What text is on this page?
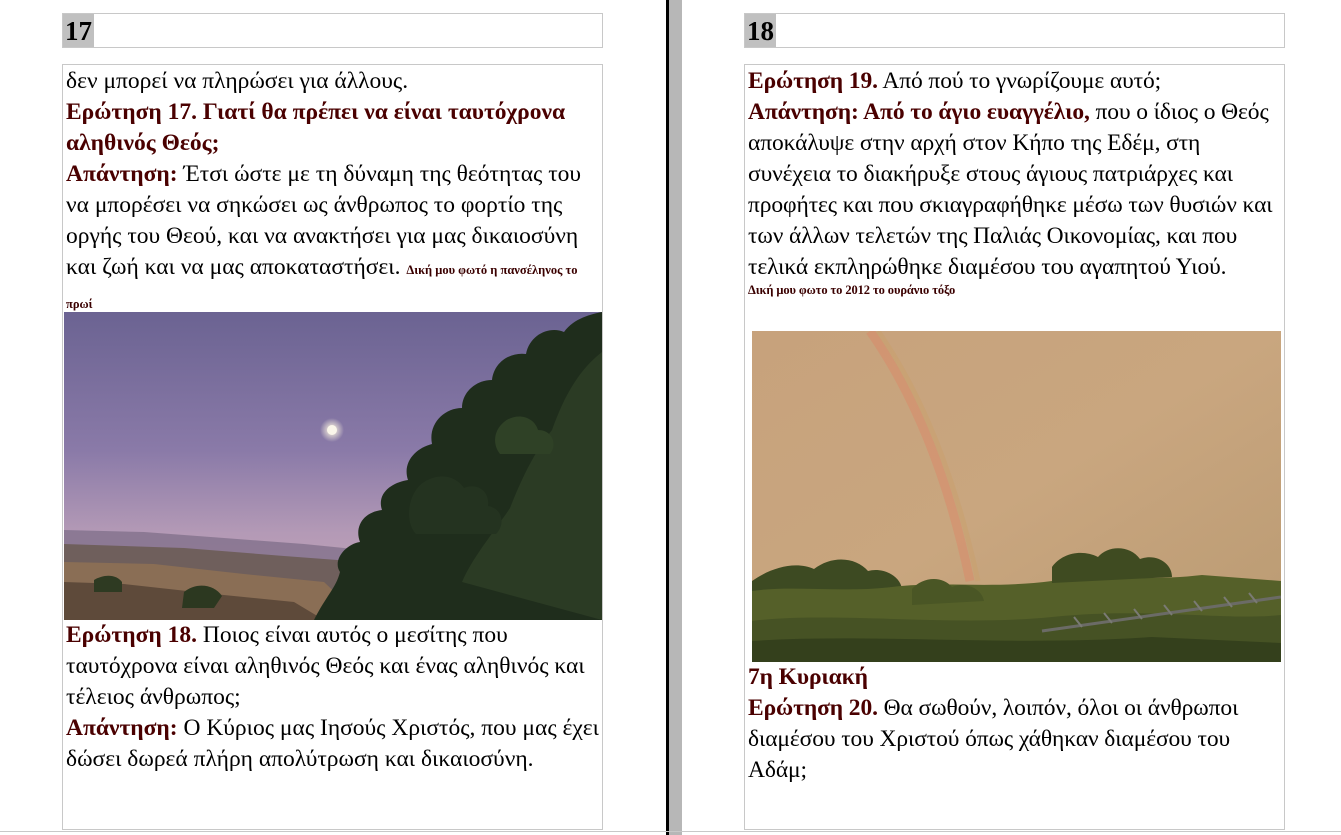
17
δεν μπορεί να πληρώσει για άλλους.
Ερώτηση 17. Γιατί θα πρέπει να είναι ταυτόχρονα αληθινός Θεός;
Απάντηση: Έτσι ώστε με τη δύναμη της θεότητας του να μπορέσει να σηκώσει ως άνθρωπος το φορτίο της οργής του Θεού, και να ανακτήσει για μας δικαιοσύνη και ζωή και να μας αποκαταστήσει. Δική μου φωτό η πανσέληνος το πρωί
Ερώτηση 18. Ποιος είναι αυτός ο μεσίτης που ταυτόχρονα είναι αληθινός Θεός και ένας αληθινός και τέλειος άνθρωπος;
Απάντηση: Ο Κύριος μας Ιησούς Χριστός, που μας έχει δώσει δωρεά πλήρη απολύτρωση και δικαιοσύνη.
18
Ερώτηση 19. Από πού το γνωρίζουμε αυτό;
Απάντηση: Από το άγιο ευαγγέλιο, που ο ίδιος ο Θεός αποκάλυψε στην αρχή στον Κήπο της Εδέμ, στη συνέχεια το διακήρυξε στους άγιους πατριάρχες και προφήτες και που σκιαγραφήθηκε μέσω των θυσιών και των άλλων τελετών της Παλιάς Οικονομίας, και που τελικά εκπληρώθηκε διαμέσου του αγαπητού Υιού.
Δική μου φωτο το 2012 το ουράνιο τόξο
7η Κυριακή
Ερώτηση 20. Θα σωθούν, λοιπόν, όλοι οι άνθρωποι διαμέσου του Χριστού όπως χάθηκαν διαμέσου του Αδάμ;
